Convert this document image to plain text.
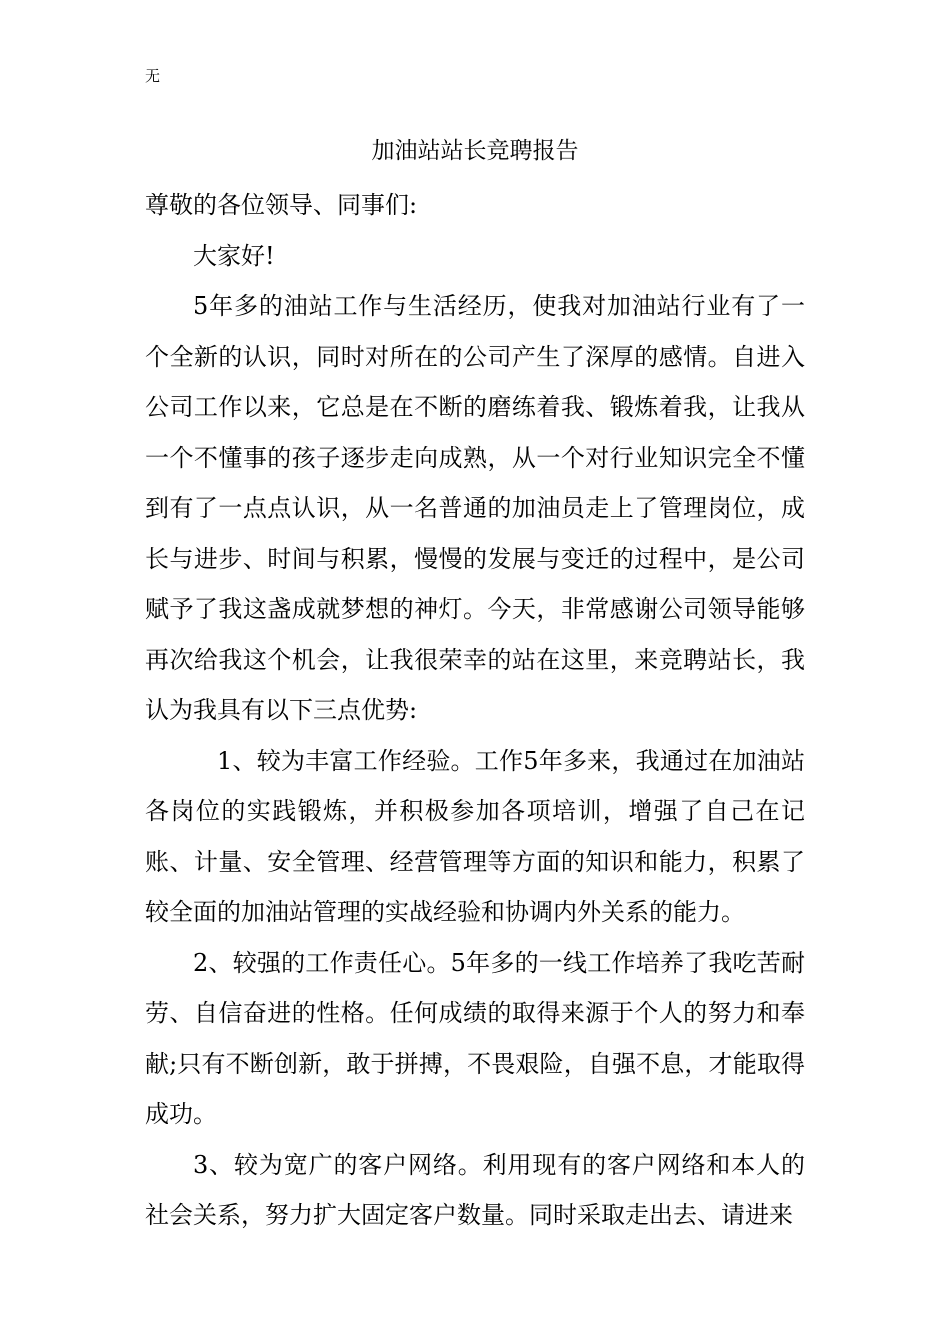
无
加油站站长竞聘报告

尊敬的各位领导、同事们:

大家好!

5年多的油站工作与生活经历，使我对加油站行业有了一个全新的认识，同时对所在的公司产生了深厚的感情。自进入公司工作以来，它总是在不断的磨练着我、锻炼着我，让我从一个不懂事的孩子逐步走向成熟，从一个对行业知识完全不懂到有了一点点认识，从一名普通的加油员走上了管理岗位，成长与进步、时间与积累，慢慢的发展与变迁的过程中，是公司赋予了我这盏成就梦想的神灯。今天，非常感谢公司领导能够再次给我这个机会，让我很荣幸的站在这里，来竞聘站长，我认为我具有以下三点优势:

1、较为丰富工作经验。工作5年多来，我通过在加油站各岗位的实践锻炼，并积极参加各项培训，增强了自己在记账、计量、安全管理、经营管理等方面的知识和能力，积累了较全面的加油站管理的实战经验和协调内外关系的能力。

2、较强的工作责任心。5年多的一线工作培养了我吃苦耐劳、自信奋进的性格。任何成绩的取得来源于个人的努力和奉献;只有不断创新，敢于拼搏，不畏艰险，自强不息，才能取得成功。

3、较为宽广的客户网络。利用现有的客户网络和本人的社会关系，努力扩大固定客户数量。同时采取走出去、请进来
